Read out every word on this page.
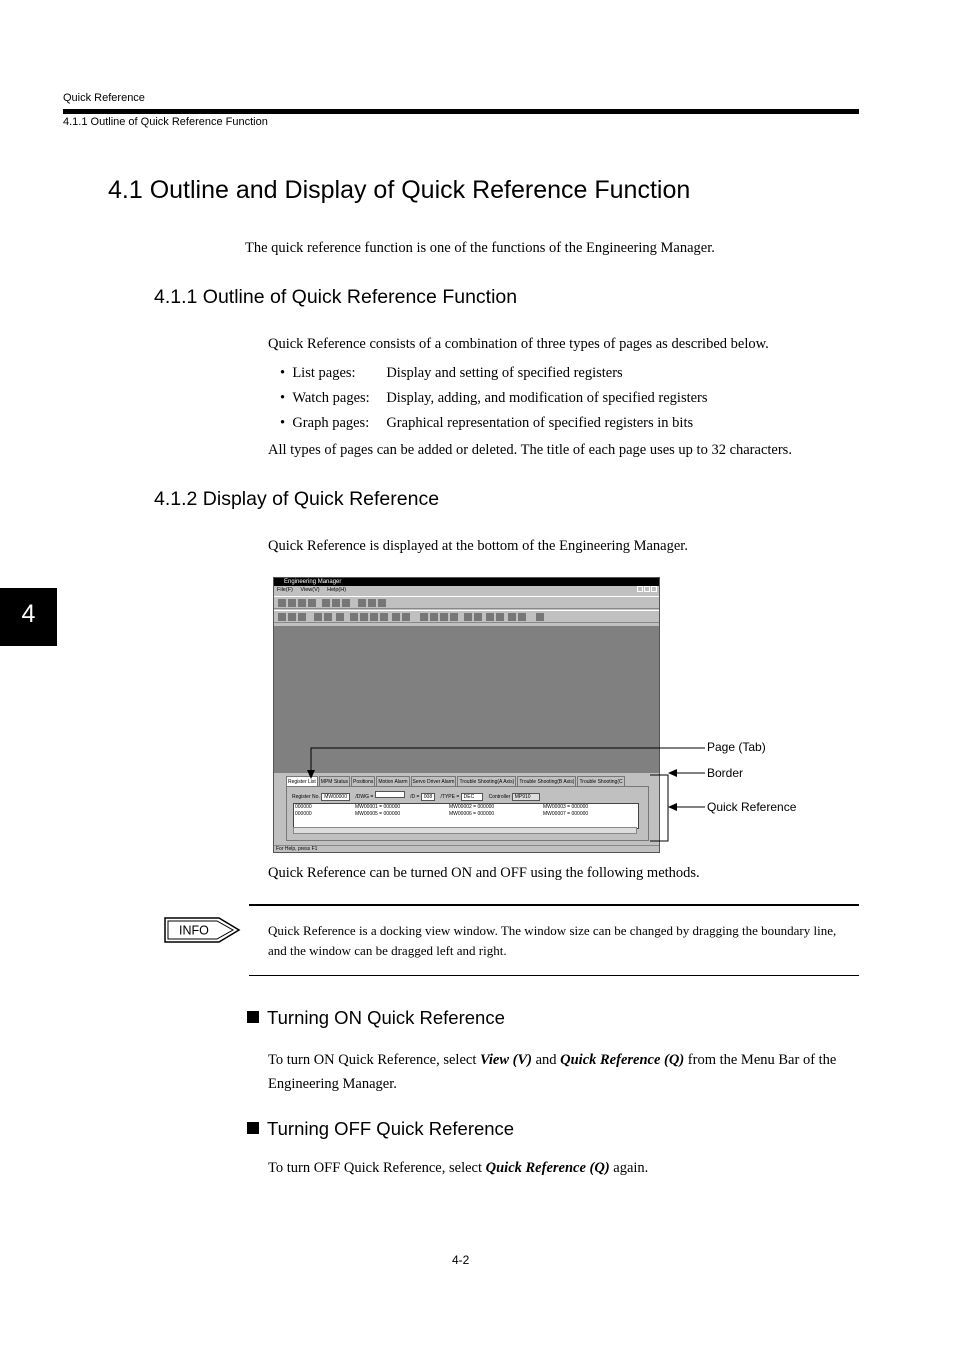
Quick Reference
4.1.1 Outline of Quick Reference Function
4
4.1 Outline and Display of Quick Reference Function
The quick reference function is one of the functions of the Engineering Manager.
4.1.1 Outline of Quick Reference Function
Quick Reference consists of a combination of three types of pages as described below.
•  List pages: Display and setting of specified registers
•  Watch pages: Display, adding, and modification of specified registers
•  Graph pages: Graphical representation of specified registers in bits
All types of pages can be added or deleted. The title of each page uses up to 32 characters.
4.1.2 Display of Quick Reference
Quick Reference is displayed at the bottom of the Engineering Manager.
Engineering Manager
File(F) View(V) Help(H)
Register List MPM Status Positions Motion Alarm Servo Driver Alarm Trouble Shooting(A Axis) Trouble Shooting(B Axis) Trouble Shooting(C
Register No. MW00000 /DWG =	/D = 008 /TYPE = DEC	Controller MP910
000000	MW00001 = 000000	MW00002 = 000000	MW00003 = 000000
000000	MW00005 = 000000	MW00006 = 000000	MW00007 = 000000
For Help, press F1
Page (Tab)
Border
Quick Reference
Quick Reference can be turned ON and OFF using the following methods.
INFO	Quick Reference is a docking view window. The window size can be changed by dragging the boundary line, and the window can be dragged left and right.
Turning ON Quick Reference
To turn ON Quick Reference, select View (V) and Quick Reference (Q) from the Menu Bar of the Engineering Manager.
Turning OFF Quick Reference
To turn OFF Quick Reference, select Quick Reference (Q) again.
4-2
